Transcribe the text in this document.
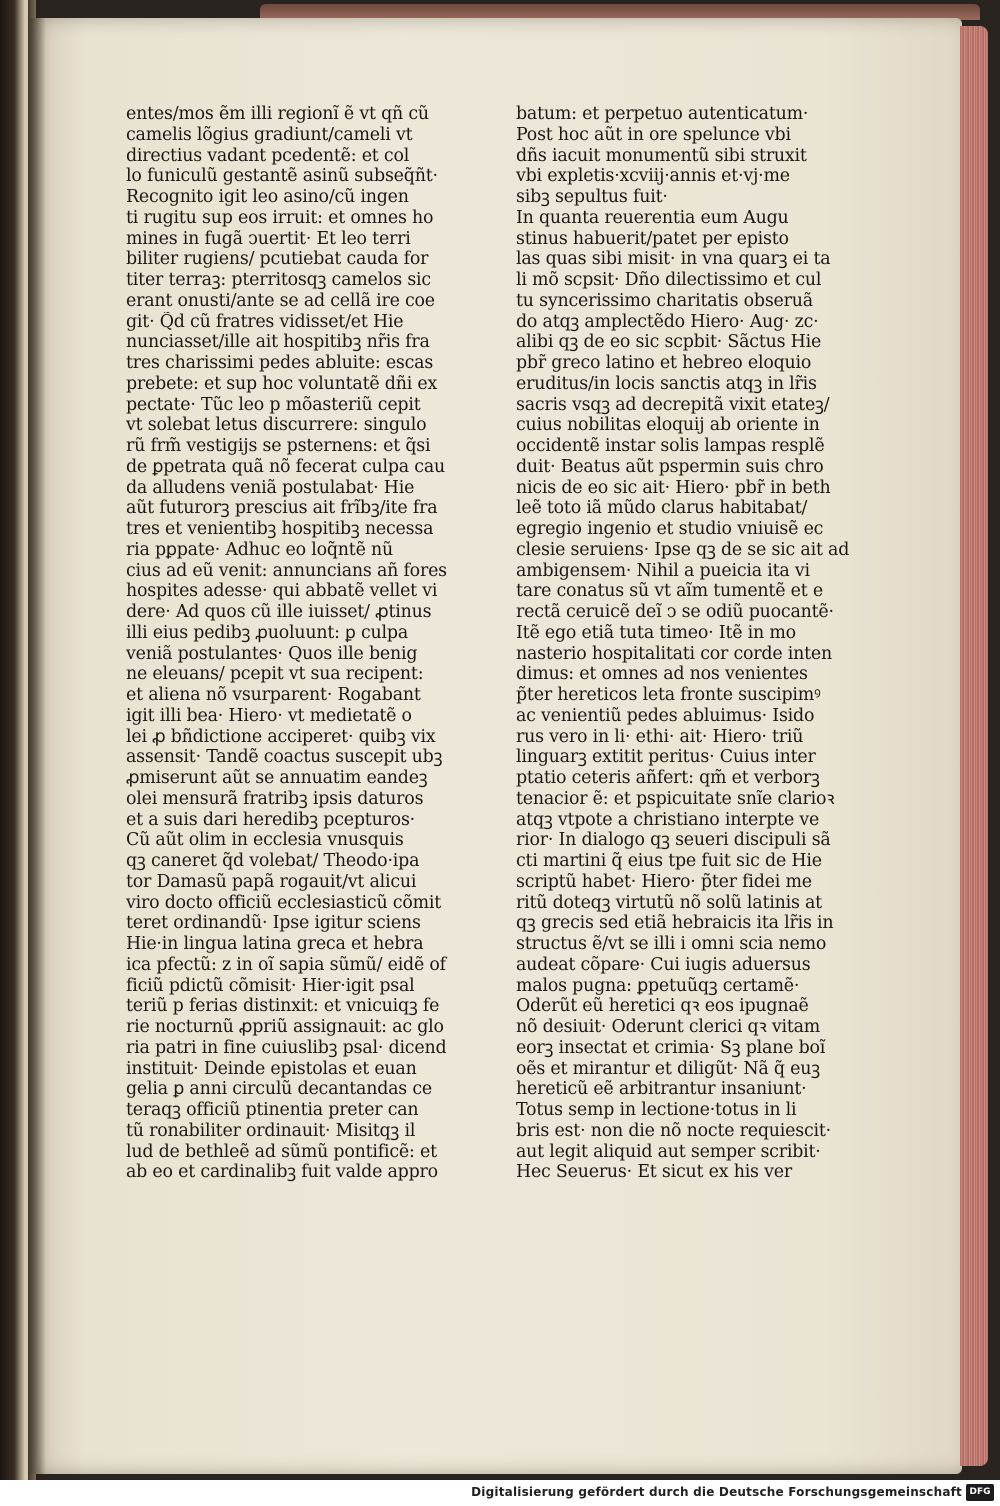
entes/mos ẽm illi regionı̃ ẽ vt qñ cũ
camelis lõgius gradiunt̃/cameli vt
directius vadant pcedentẽ: et col
lo funiculũ gestantẽ asinũ subseq̃ñt·
Recognito igit̃ leo asino/cũ ingen
ti rugitu sup eos irruit: et omnes ho
mines in fugã ↄuertit· Et leo terri
biliter rugiens/ pcutiebat cauda for
titer terraꝫ: pterritosqꝫ camelos sic
erant onusti/ante se ad cellã ire coe
git· Q̃d cũ fratres vidisset/et Hie
nunciasset/ille ait hospitibꝫ nr̃is fra
tres charissimi pedes abluite: escas
prebete: et sup hoc voluntatẽ dñi ex
pectate· Tũc leo p mõasteriũ cepit
vt solebat letus discurrere: singulo
rũ frm̃ vestigijs se psternens: et q̃si
de ꝑpetrata quã nõ fecerat culpa cau
da alludens veniã postulabat· Hie
aũt futurorꝫ prescius ait frĩbꝫ/ite fra
tres et venientibꝫ hospitibꝫ necessa
ria pꝑpate· Adhuc eo loq̃ntẽ nũ
cius ad eũ venit: annuncians añ fores
hospites adesse· qui abbatẽ vellet vi
dere· Ad quos cũ ille iuisset/ ꝓtinus
illi eius pedibꝫ ꝓuoluunt̃: ꝑ culpa
veniã postulantes· Quos ille benig
ne eleuans/ pcepit vt sua recipent:
et aliena nõ vsurparent· Rogabant
igit̃ illi bea· Hiero· vt medietatẽ o
lei ꝓ bñdictione acciperet· quibꝫ vix
assensit· Tandẽ coactus suscepit ubꝫ
ꝓmiserunt aũt se annuatim eandeꝫ
olei mensurã fratribꝫ ipsis daturos
et a suis dari heredibꝫ pcepturos·
Cũ aũt olim in ecclesia vnusquis
qꝫ caneret q̃d volebat/ Theodo·ipa
tor Damasũ papã rogauit/vt alicui
viro docto officiũ ecclesiasticũ cõmit
teret ordinandũ· Ipse igitur sciens
Hie·in lingua latina greca et hebra
ica pfectũ: z in oĩ sapia sũmũ/ eidẽ of
ficiũ pdictũ cõmisit· Hier·igit̃ psal
teriũ p ferias distinxit: et vnicuiqꝫ fe
rie nocturnũ ꝓpriũ assignauit: ac glo
ria patri in fine cuiuslibꝫ psal· dicend
instituit· Deinde epistolas et euan
gelia ꝑ anni circulũ decantandas ce
teraqꝫ officiũ ptinentia preter can
tũ ronabiliter ordinauit· Misitqꝫ il
lud de bethleẽ ad sũmũ pontificẽ: et
ab eo et cardinalibꝫ fuit valde appro
batum: et perpetuo autenticatum·
Post hoc aũt in ore spelunce vbi
dñs iacuit monumentũ sibi struxit
vbi expletis·xcviij·annis et·vj·me
sibꝫ sepultus fuit·
In quanta reuerentia eum Augu
stinus habuerit/patet per episto
las quas sibi misit· in vna quarꝫ ei ta
li mõ scpsit· Dño dilectissimo et cul
tu syncerissimo charitatis obseruã
do atqꝫ amplectẽdo Hiero· Aug· zc·
alibi qꝫ de eo sic scpbit· Sãctus Hie
pbr̃ greco latino et hebreo eloquio
eruditus/in locis sanctis atqꝫ in lr̃is
sacris vsqꝫ ad decrepitã vixit etateꝫ/
cuius nobilitas eloquij ab oriente in
occidentẽ instar solis lampas resplẽ
duit· Beatus aũt pspermin suis chro
nicis de eo sic ait· Hiero· pbr̃ in beth
leẽ toto iã mũdo clarus habitabat/
egregio ingenio et studio vniuisẽ ec
clesie seruiens· Ipse qꝫ de se sic ait ad
ambigensem· Nihil a pueicia ita vi
tare conatus sũ vt aĩm tumentẽ et e
rectã ceruicẽ deĩ ↄ se odiũ puocantẽ·
Itẽ ego etiã tuta timeo· Itẽ in mo
nasterio hospitalitati cor corde inten
dimus: et omnes ad nos venientes
p̃ter hereticos leta fronte suscipimꝰ
ac venientiũ pedes abluimus· Isido
rus vero in li· ethi· ait· Hiero· triũ
linguarꝫ extitit peritus· Cuius inter
ptatio ceteris añfert̃: qm̃ et verborꝫ
tenacior ẽ: et pspicuitate snı̃e clarioꝛ
atqꝫ vtpote a christiano interpte ve
rior· In dialogo qꝫ seueri discipuli sã
cti martini q̃ eius tpe fuit sic de Hie
scriptũ habet̃· Hiero· p̃ter fidei me
ritũ doteqꝫ virtutũ nõ solũ latinis at
qꝫ grecis sed etiã hebraicis ita lr̃is in
structus ẽ/vt se illi i omni scia nemo
audeat cõpare· Cui iugis aduersus
malos pugna: ꝑpetuũqꝫ certamẽ·
Oderũt eũ heretici qꝛ eos ipugnaẽ
nõ desiuit· Oderunt clerici qꝛ vitam
eorꝫ insectat̃ et crimia· Sꝫ plane boĩ
oẽs et mirantur et diligũt· Nã q̃ euꝫ
hereticũ eẽ arbitrantur insaniunt·
Totus semp in lectione·totus in li
bris est· non die nõ nocte requiescit·
aut legit aliquid aut semper scribit·
Hec Seuerus· Et sicut ex his ver
Digitalisierung gefördert durch die Deutsche Forschungsgemeinschaft DFG
